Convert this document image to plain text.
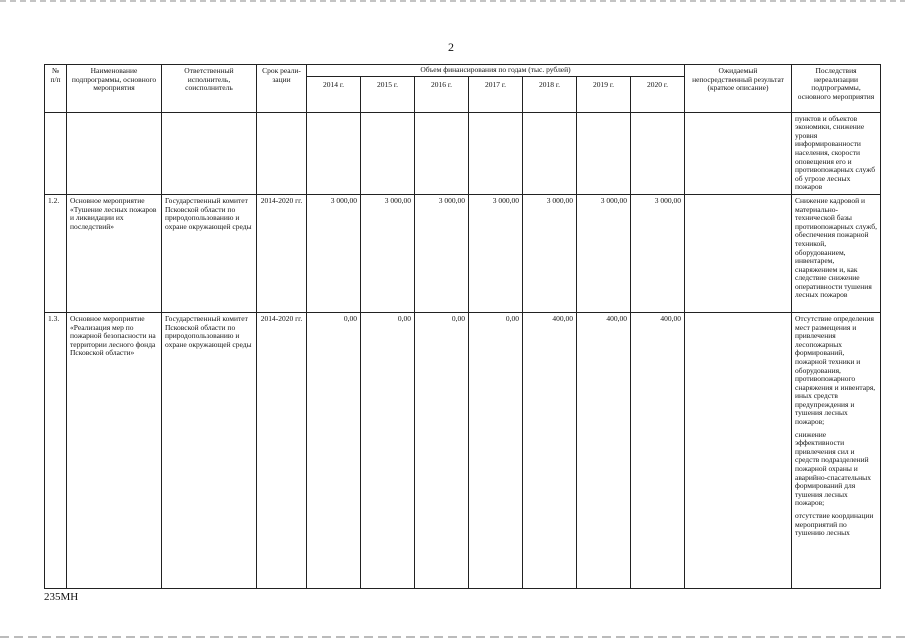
2
№ п/п	Наименование подпрограммы, основного мероприятия	Ответственный исполнитель, соисполнитель	Срок реали-зации	Объем финансирования по годам (тыс. рублей)							Ожидаемый непосредственный результат (краткое описание)	Последствия нереализации подпрограммы, основного мероприятия
				2014 г.	2015 г.	2016 г.	2017 г.	2018 г.	2019 г.	2020 г.		
												пунктов и объектов экономики, снижение уровня информированности населения, скорости оповещения его и противопожарных служб об угрозе лесных пожаров
1.2.	Основное мероприятие «Тушение лесных пожаров и ликвидации их последствий»	Государственный комитет Псковской области по природопользованию и охране окружающей среды	2014-2020 гг.	3 000,00	3 000,00	3 000,00	3 000,00	3 000,00	3 000,00	3 000,00		Снижение кадровой и материально-технической базы противопожарных служб, обеспечения пожарной техникой, оборудованием, инвентарем, снаряжением и, как следствие снижение оперативности тушения лесных пожаров

1.3.	Основное мероприятие «Реализация мер по пожарной безопасности на территории лесного фонда Псковской области»	Государственный комитет Псковской области по природопользованию и охране окружающей среды	2014-2020 гг.	0,00	0,00	0,00	0,00	400,00	400,00	400,00		Отсутствие определения мест размещения и привлечения лесопожарных формирований, пожарной техники и оборудования, противопожарного снаряжения и инвентаря, иных средств предупреждения и тушения лесных пожаров;
снижение эффективности привлечения сил и средств подразделений пожарной охраны и аварийно-спасательных формирований для тушения лесных пожаров;
отсутствие координации мероприятий по тушению лесных
235МН
